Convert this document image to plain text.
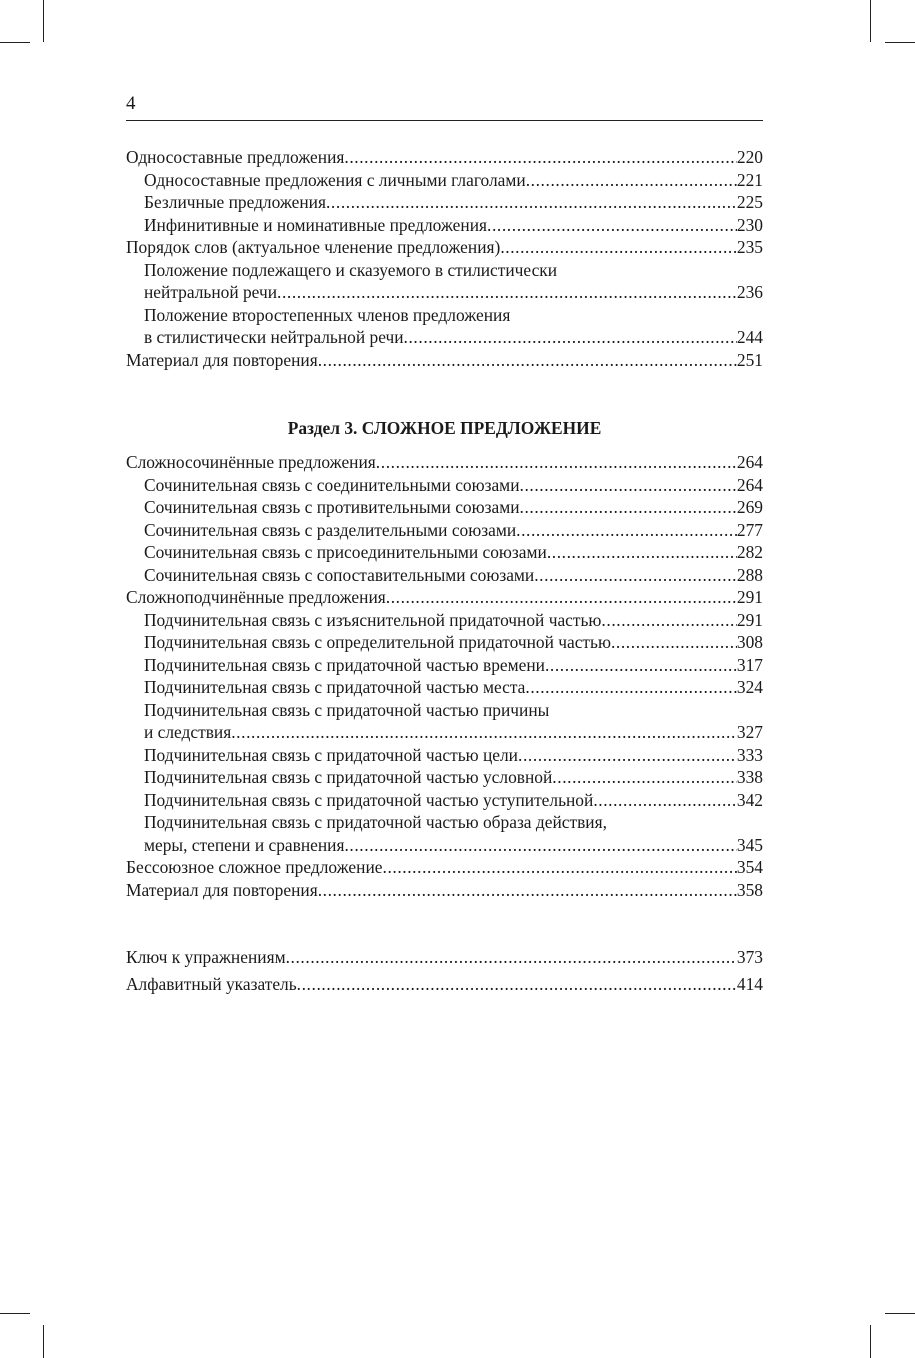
4
Односоставные предложения .....	220
Односоставные предложения с личными глаголами .....	221
Безличные предложения .....	225
Инфинитивные и номинативные предложения .....	230
Порядок слов (актуальное членение предложения) .....	235
Положение подлежащего и сказуемого в стилистически
нейтральной речи .....	236
Положение второстепенных членов предложения
в стилистически нейтральной речи .....	244
Материал для повторения .....	251
Раздел 3. СЛОЖНОЕ ПРЕДЛОЖЕНИЕ
Сложносочинённые предложения .....	264
Сочинительная связь с соединительными союзами .....	264
Сочинительная связь с противительными союзами .....	269
Сочинительная связь с разделительными союзами .....	277
Сочинительная связь с присоединительными союзами .....	282
Сочинительная связь с сопоставительными союзами .....	288
Сложноподчинённые предложения .....	291
Подчинительная связь с изъяснительной придаточной частью .....	291
Подчинительная связь с определительной придаточной частью .....	308
Подчинительная связь с придаточной частью времени .....	317
Подчинительная связь с придаточной частью места .....	324
Подчинительная связь с придаточной частью причины
и следствия .....	327
Подчинительная связь с придаточной частью цели .....	333
Подчинительная связь с придаточной частью условной .....	338
Подчинительная связь с придаточной частью уступительной .....	342
Подчинительная связь с придаточной частью образа действия,
меры, степени и сравнения .....	345
Бессоюзное сложное предложение .....	354
Материал для повторения .....	358
Ключ к упражнениям .....	373
Алфавитный указатель .....	414
